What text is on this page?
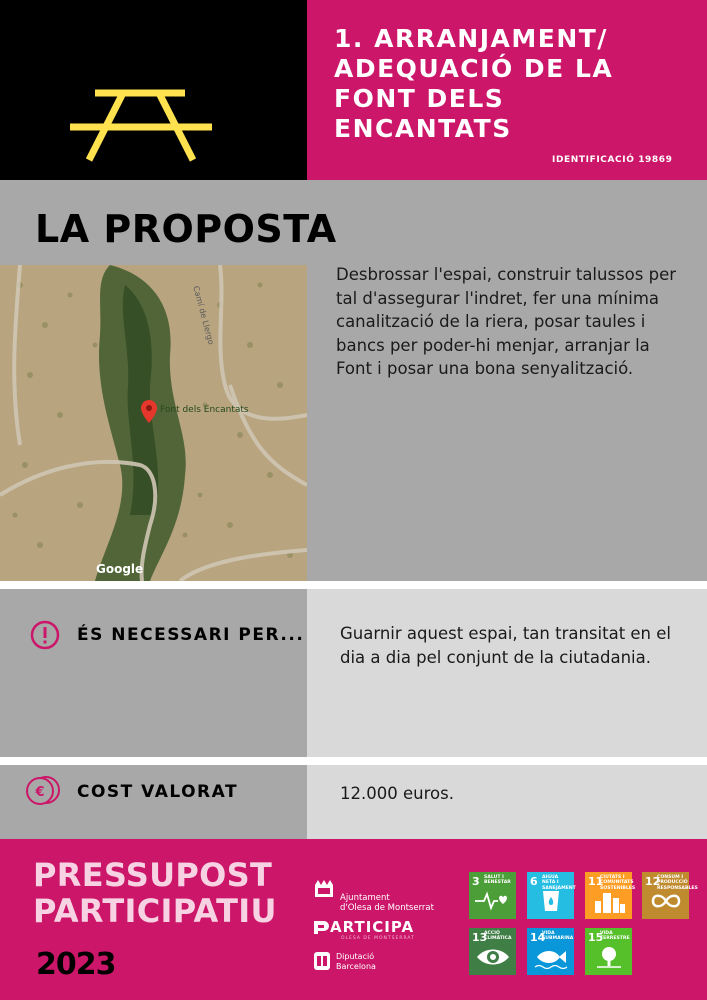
1. ARRANJAMENT/
ADEQUACIÓ DE LA
FONT DELS
ENCANTATS
IDENTIFICACIÓ 19869
LA PROPOSTA
Desbrossar l'espai, construir talussos per tal d'assegurar l'indret, fer una mínima canalització de la riera, posar taules i bancs per poder-hi menjar, arranjar la Font i posar una bona senyalització.
Font dels Encantats
Camí de Llergo
Google
ÉS NECESSARI PER... Guarnir aquest espai, tan transitat en el dia a dia pel conjunt de la ciutadania.
€ COST VALORAT	12.000 euros.
PRESSUPOST
PARTICIPATIU
2023
Ajuntament
d'Olesa de Montserrat
ARTICIPA
OLESA DE MONTSERRAT
Diputació
Barcelona
3 SALUT I BENESTAR	6 AIGUA NETA I SANEJAMENT
11
CIUTATS I COMUNITATS SOSTENIBLES
12
CONSUM I PRODUCCIÓ RESPONSABLES
13
ACCIÓ CLIMÀTICA	14
VIDA SUBMARINA 15
VIDA TERRESTRE
